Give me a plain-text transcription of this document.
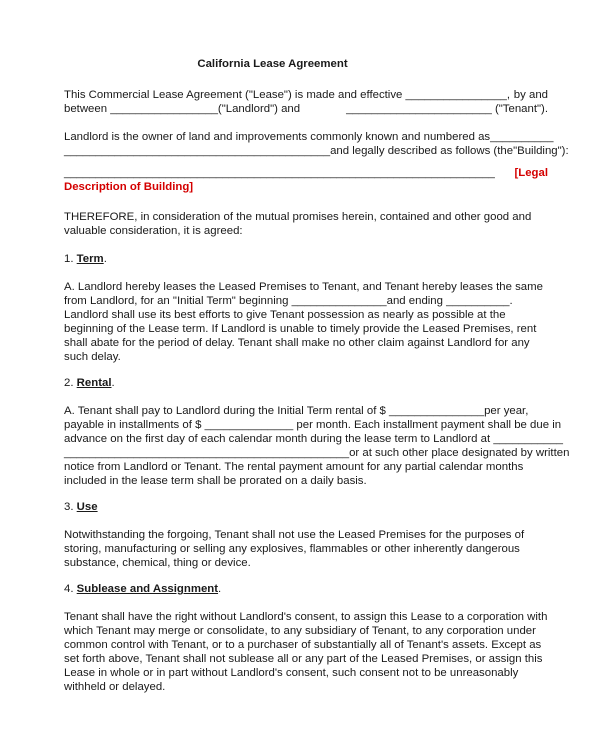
California Lease Agreement
This Commercial Lease Agreement ("Lease") is made and effective ________________, by and
between _________________("Landlord") and	_______________________ ("Tenant").
Landlord is the owner of land and improvements commonly known and numbered as __________
__________________________________________and legally described as follows (the "Building"):
____________________________________________________________________ [Legal
Description of Building]
THEREFORE, in consideration of the mutual promises herein, contained and other good and
valuable consideration, it is agreed:
1. Term.
A. Landlord hereby leases the Leased Premises to Tenant, and Tenant hereby leases the same
from Landlord, for an "Initial Term" beginning _______________and ending __________.
Landlord shall use its best efforts to give Tenant possession as nearly as possible at the
beginning of the Lease term. If Landlord is unable to timely provide the Leased Premises, rent
shall abate for the period of delay. Tenant shall make no other claim against Landlord for any
such delay.
2. Rental.
A. Tenant shall pay to Landlord during the Initial Term rental of $ _______________per year,
payable in installments of $ ______________ per month. Each installment payment shall be due in
advance on the first day of each calendar month during the lease term to Landlord at ___________
_____________________________________________or at such other place designated by written
notice from Landlord or Tenant. The rental payment amount for any partial calendar months
included in the lease term shall be prorated on a daily basis.
3. Use
Notwithstanding the forgoing, Tenant shall not use the Leased Premises for the purposes of
storing, manufacturing or selling any explosives, flammables or other inherently dangerous
substance, chemical, thing or device.
4. Sublease and Assignment.
Tenant shall have the right without Landlord's consent, to assign this Lease to a corporation with
which Tenant may merge or consolidate, to any subsidiary of Tenant, to any corporation under
common control with Tenant, or to a purchaser of substantially all of Tenant's assets. Except as
set forth above, Tenant shall not sublease all or any part of the Leased Premises, or assign this
Lease in whole or in part without Landlord's consent, such consent not to be unreasonably
withheld or delayed.
